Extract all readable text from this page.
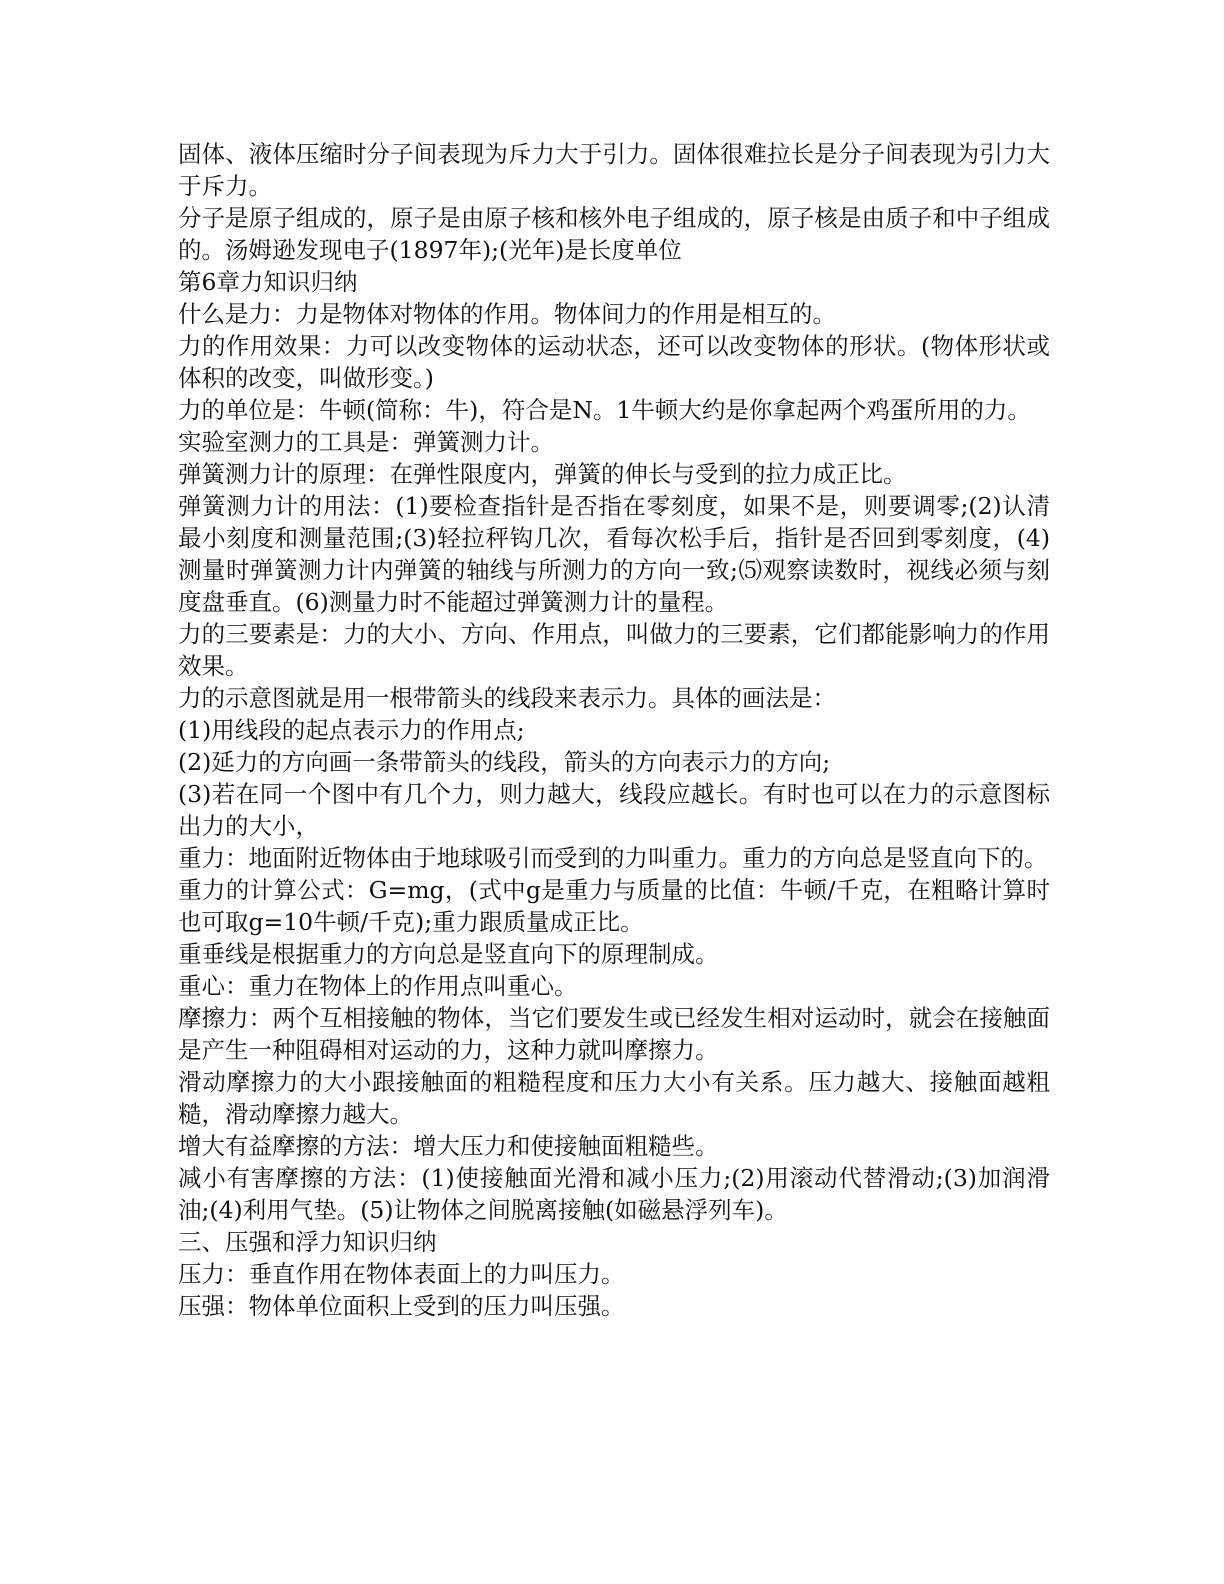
固体、液体压缩时分子间表现为斥力大于引力。固体很难拉长是分子间表现为引力大于斥力。

分子是原子组成的，原子是由原子核和核外电子组成的，原子核是由质子和中子组成的。汤姆逊发现电子(1897年);(光年)是长度单位

第6章力知识归纳

什么是力：力是物体对物体的作用。物体间力的作用是相互的。

力的作用效果：力可以改变物体的运动状态，还可以改变物体的形状。(物体形状或体积的改变，叫做形变。)

力的单位是：牛顿(简称：牛)，符合是N。1牛顿大约是你拿起两个鸡蛋所用的力。

实验室测力的工具是：弹簧测力计。

弹簧测力计的原理：在弹性限度内，弹簧的伸长与受到的拉力成正比。

弹簧测力计的用法：(1)要检查指针是否指在零刻度，如果不是，则要调零;(2)认清最小刻度和测量范围;(3)轻拉秤钩几次，看每次松手后，指针是否回到零刻度，(4)测量时弹簧测力计内弹簧的轴线与所测力的方向一致;⑸观察读数时，视线必须与刻度盘垂直。(6)测量力时不能超过弹簧测力计的量程。

力的三要素是：力的大小、方向、作用点，叫做力的三要素，它们都能影响力的作用效果。

力的示意图就是用一根带箭头的线段来表示力。具体的画法是：

(1)用线段的起点表示力的作用点;

(2)延力的方向画一条带箭头的线段，箭头的方向表示力的方向;

(3)若在同一个图中有几个力，则力越大，线段应越长。有时也可以在力的示意图标出力的大小，

重力：地面附近物体由于地球吸引而受到的力叫重力。重力的方向总是竖直向下的。

重力的计算公式：G=mg，(式中g是重力与质量的比值：牛顿/千克，在粗略计算时也可取g=10牛顿/千克);重力跟质量成正比。

重垂线是根据重力的方向总是竖直向下的原理制成。

重心：重力在物体上的作用点叫重心。

摩擦力：两个互相接触的物体，当它们要发生或已经发生相对运动时，就会在接触面是产生一种阻碍相对运动的力，这种力就叫摩擦力。

滑动摩擦力的大小跟接触面的粗糙程度和压力大小有关系。压力越大、接触面越粗糙，滑动摩擦力越大。

增大有益摩擦的方法：增大压力和使接触面粗糙些。

减小有害摩擦的方法：(1)使接触面光滑和减小压力;(2)用滚动代替滑动;(3)加润滑油;(4)利用气垫。(5)让物体之间脱离接触(如磁悬浮列车)。

三、压强和浮力知识归纳

压力：垂直作用在物体表面上的力叫压力。

压强：物体单位面积上受到的压力叫压强。
